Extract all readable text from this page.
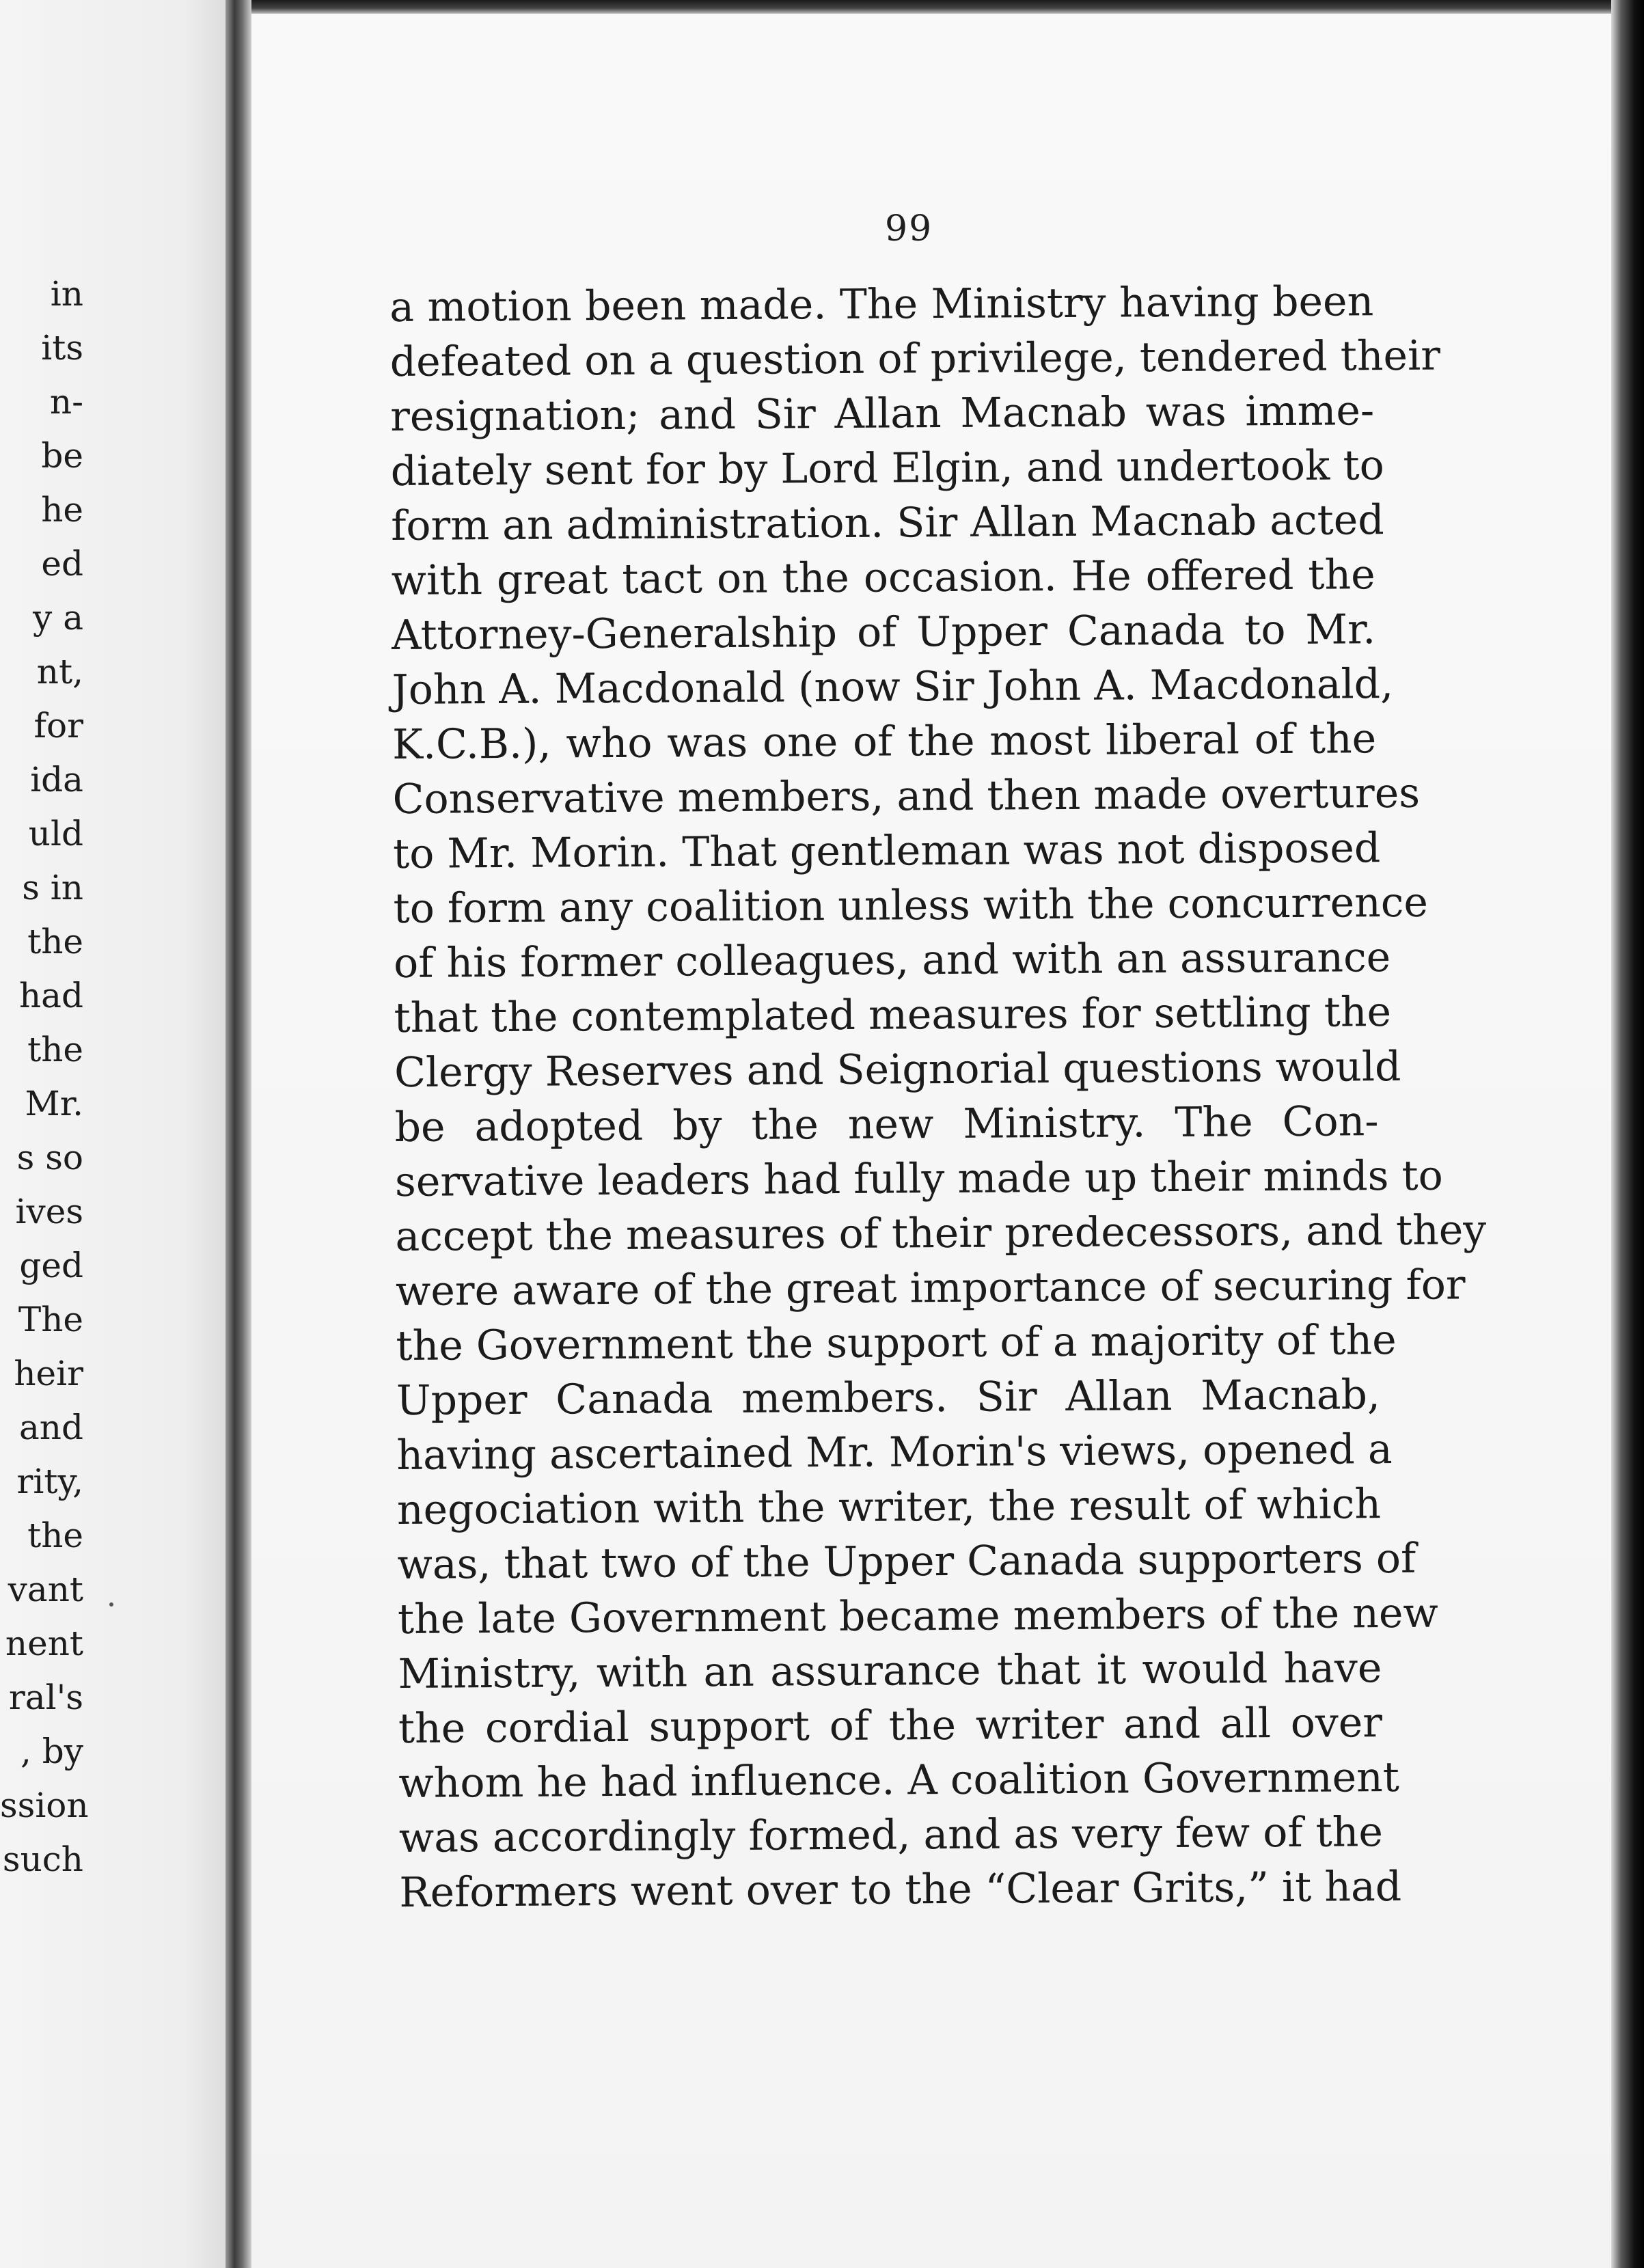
in
its
n-
be
he
ed
y a
nt,
for
ida
uld
s in
the
had
the
Mr.
s so
ives
ged
The
heir
and
rity,
the
vant
nent
ral's
, by
ssion
such
99
a motion been made. The Ministry having been
defeated on a question of privilege, tendered their
resignation; and Sir Allan Macnab was imme-
diately sent for by Lord Elgin, and undertook to
form an administration. Sir Allan Macnab acted
with great tact on the occasion. He offered the
Attorney-Generalship of Upper Canada to Mr.
John A. Macdonald (now Sir John A. Macdonald,
K.C.B.), who was one of the most liberal of the
Conservative members, and then made overtures
to Mr. Morin. That gentleman was not disposed
to form any coalition unless with the concurrence
of his former colleagues, and with an assurance
that the contemplated measures for settling the
Clergy Reserves and Seignorial questions would
be adopted by the new Ministry. The Con-
servative leaders had fully made up their minds to
accept the measures of their predecessors, and they
were aware of the great importance of securing for
the Government the support of a majority of the
Upper Canada members. Sir Allan Macnab,
having ascertained Mr. Morin's views, opened a
negociation with the writer, the result of which
was, that two of the Upper Canada supporters of
the late Government became members of the new
Ministry, with an assurance that it would have
the cordial support of the writer and all over
whom he had influence. A coalition Government
was accordingly formed, and as very few of the
Reformers went over to the “Clear Grits,” it had
